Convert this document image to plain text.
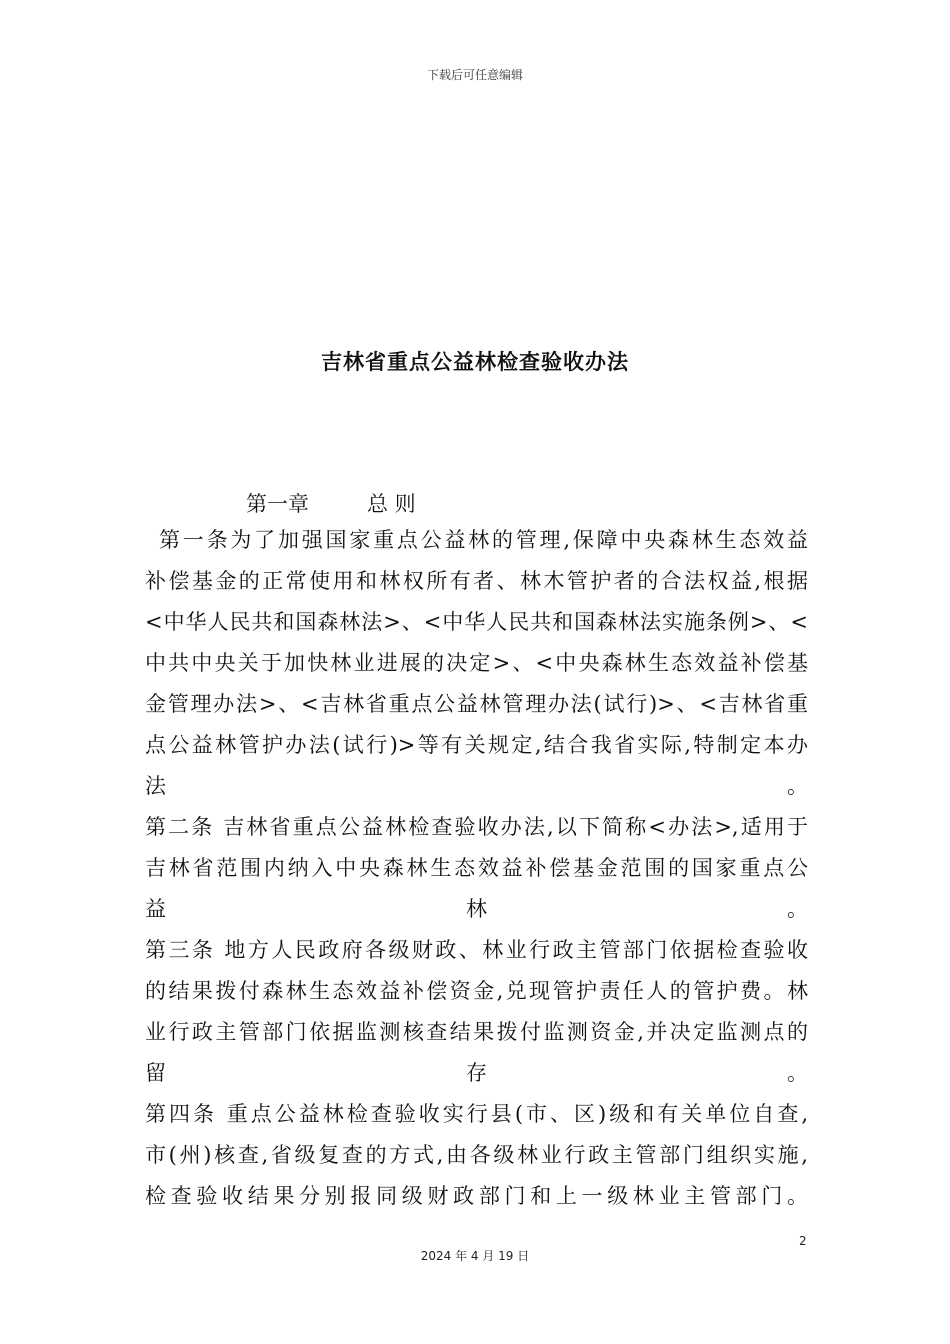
下载后可任意编辑
吉林省重点公益林检查验收办法
第一章	总 则
第一条为了加强国家重点公益林的管理,保障中央森林生态效益
补偿基金的正常使用和林权所有者、林木管护者的合法权益,根据
<中华人民共和国森林法>、<中华人民共和国森林法实施条例>、<
中共中央关于加快林业进展的决定>、<中央森林生态效益补偿基
金管理办法>、<吉林省重点公益林管理办法(试行)>、<吉林省重
点公益林管护办法(试行)>等有关规定,结合我省实际,特制定本办
法 。
第二条 吉林省重点公益林检查验收办法,以下简称<办法>,适用于
吉林省范围内纳入中央森林生态效益补偿基金范围的国家重点公
益 林 。
第三条 地方人民政府各级财政、林业行政主管部门依据检查验收
的结果拨付森林生态效益补偿资金,兑现管护责任人的管护费。林
业行政主管部门依据监测核查结果拨付监测资金,并决定监测点的
留 存 。
第四条 重点公益林检查验收实行县(市、区)级和有关单位自查,
市(州)核查,省级复查的方式,由各级林业行政主管部门组织实施,
检查验收结果分别报同级财政部门和上一级林业主管部门。
2
2024 年 4 月 19 日
